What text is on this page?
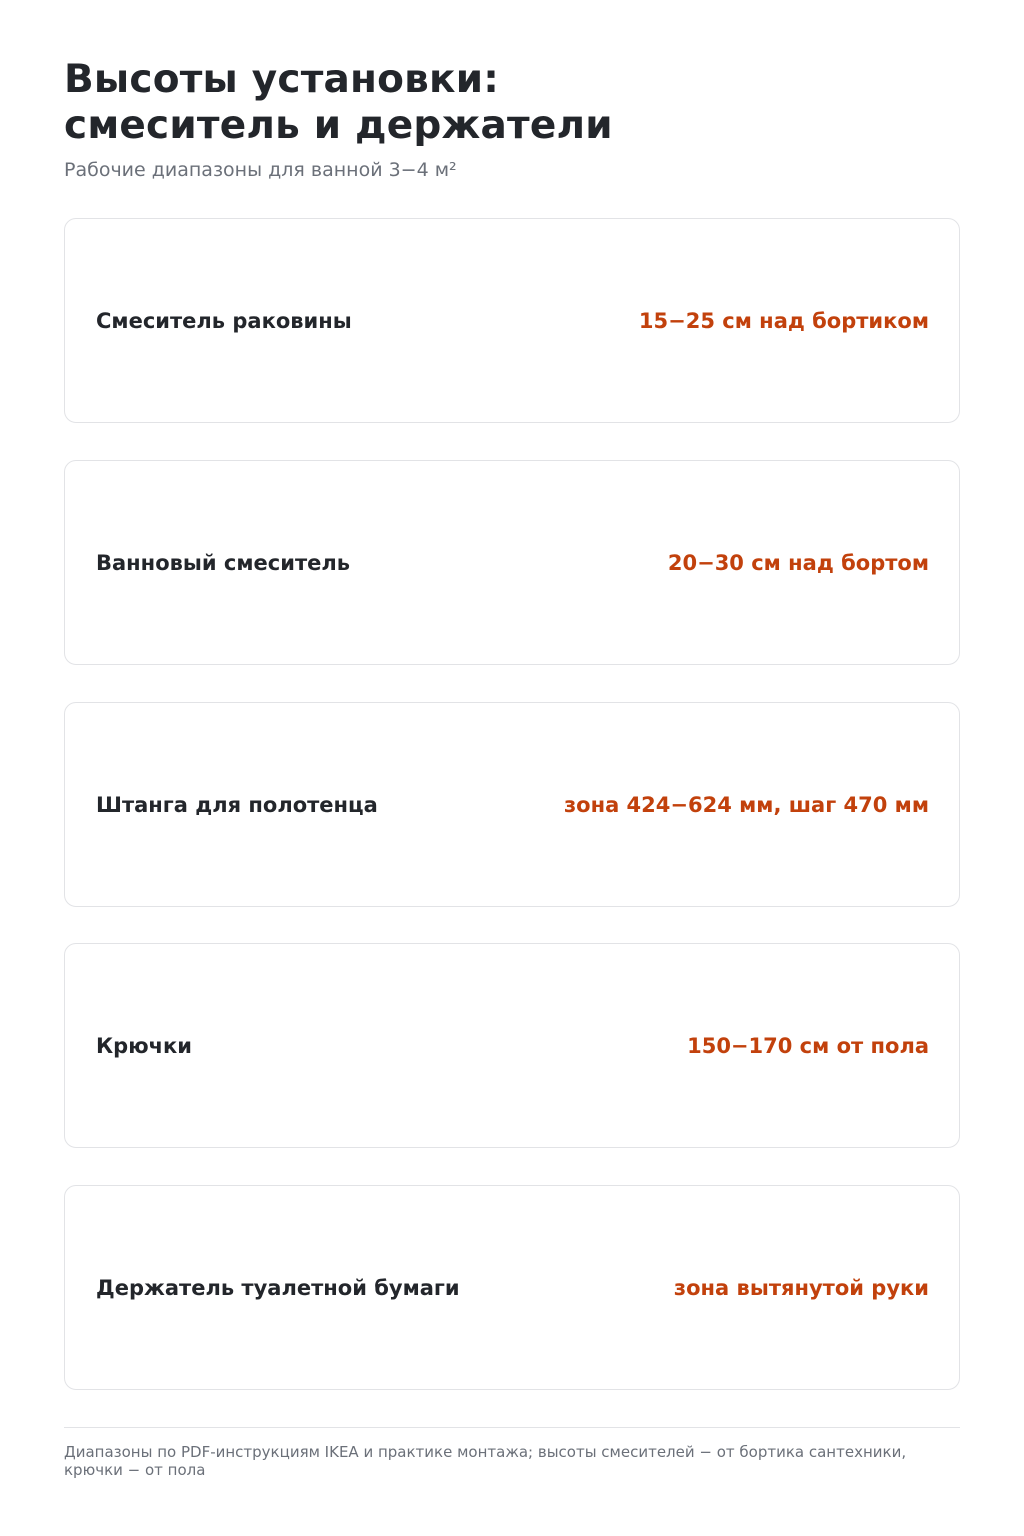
Высоты установки:
смеситель и держатели
Рабочие диапазоны для ванной 3−4 м²
Смеситель раковины	15−25 см над бортиком
Ванновый смеситель	20−30 см над бортом
Штанга для полотенца	зона 424−624 мм, шаг 470 мм
Крючки	150−170 см от пола
Держатель туалетной бумаги	зона вытянутой руки
Диапазоны по PDF-инструкциям IKEA и практике монтажа; высоты смесителей − от бортика сантехники, крючки − от пола
